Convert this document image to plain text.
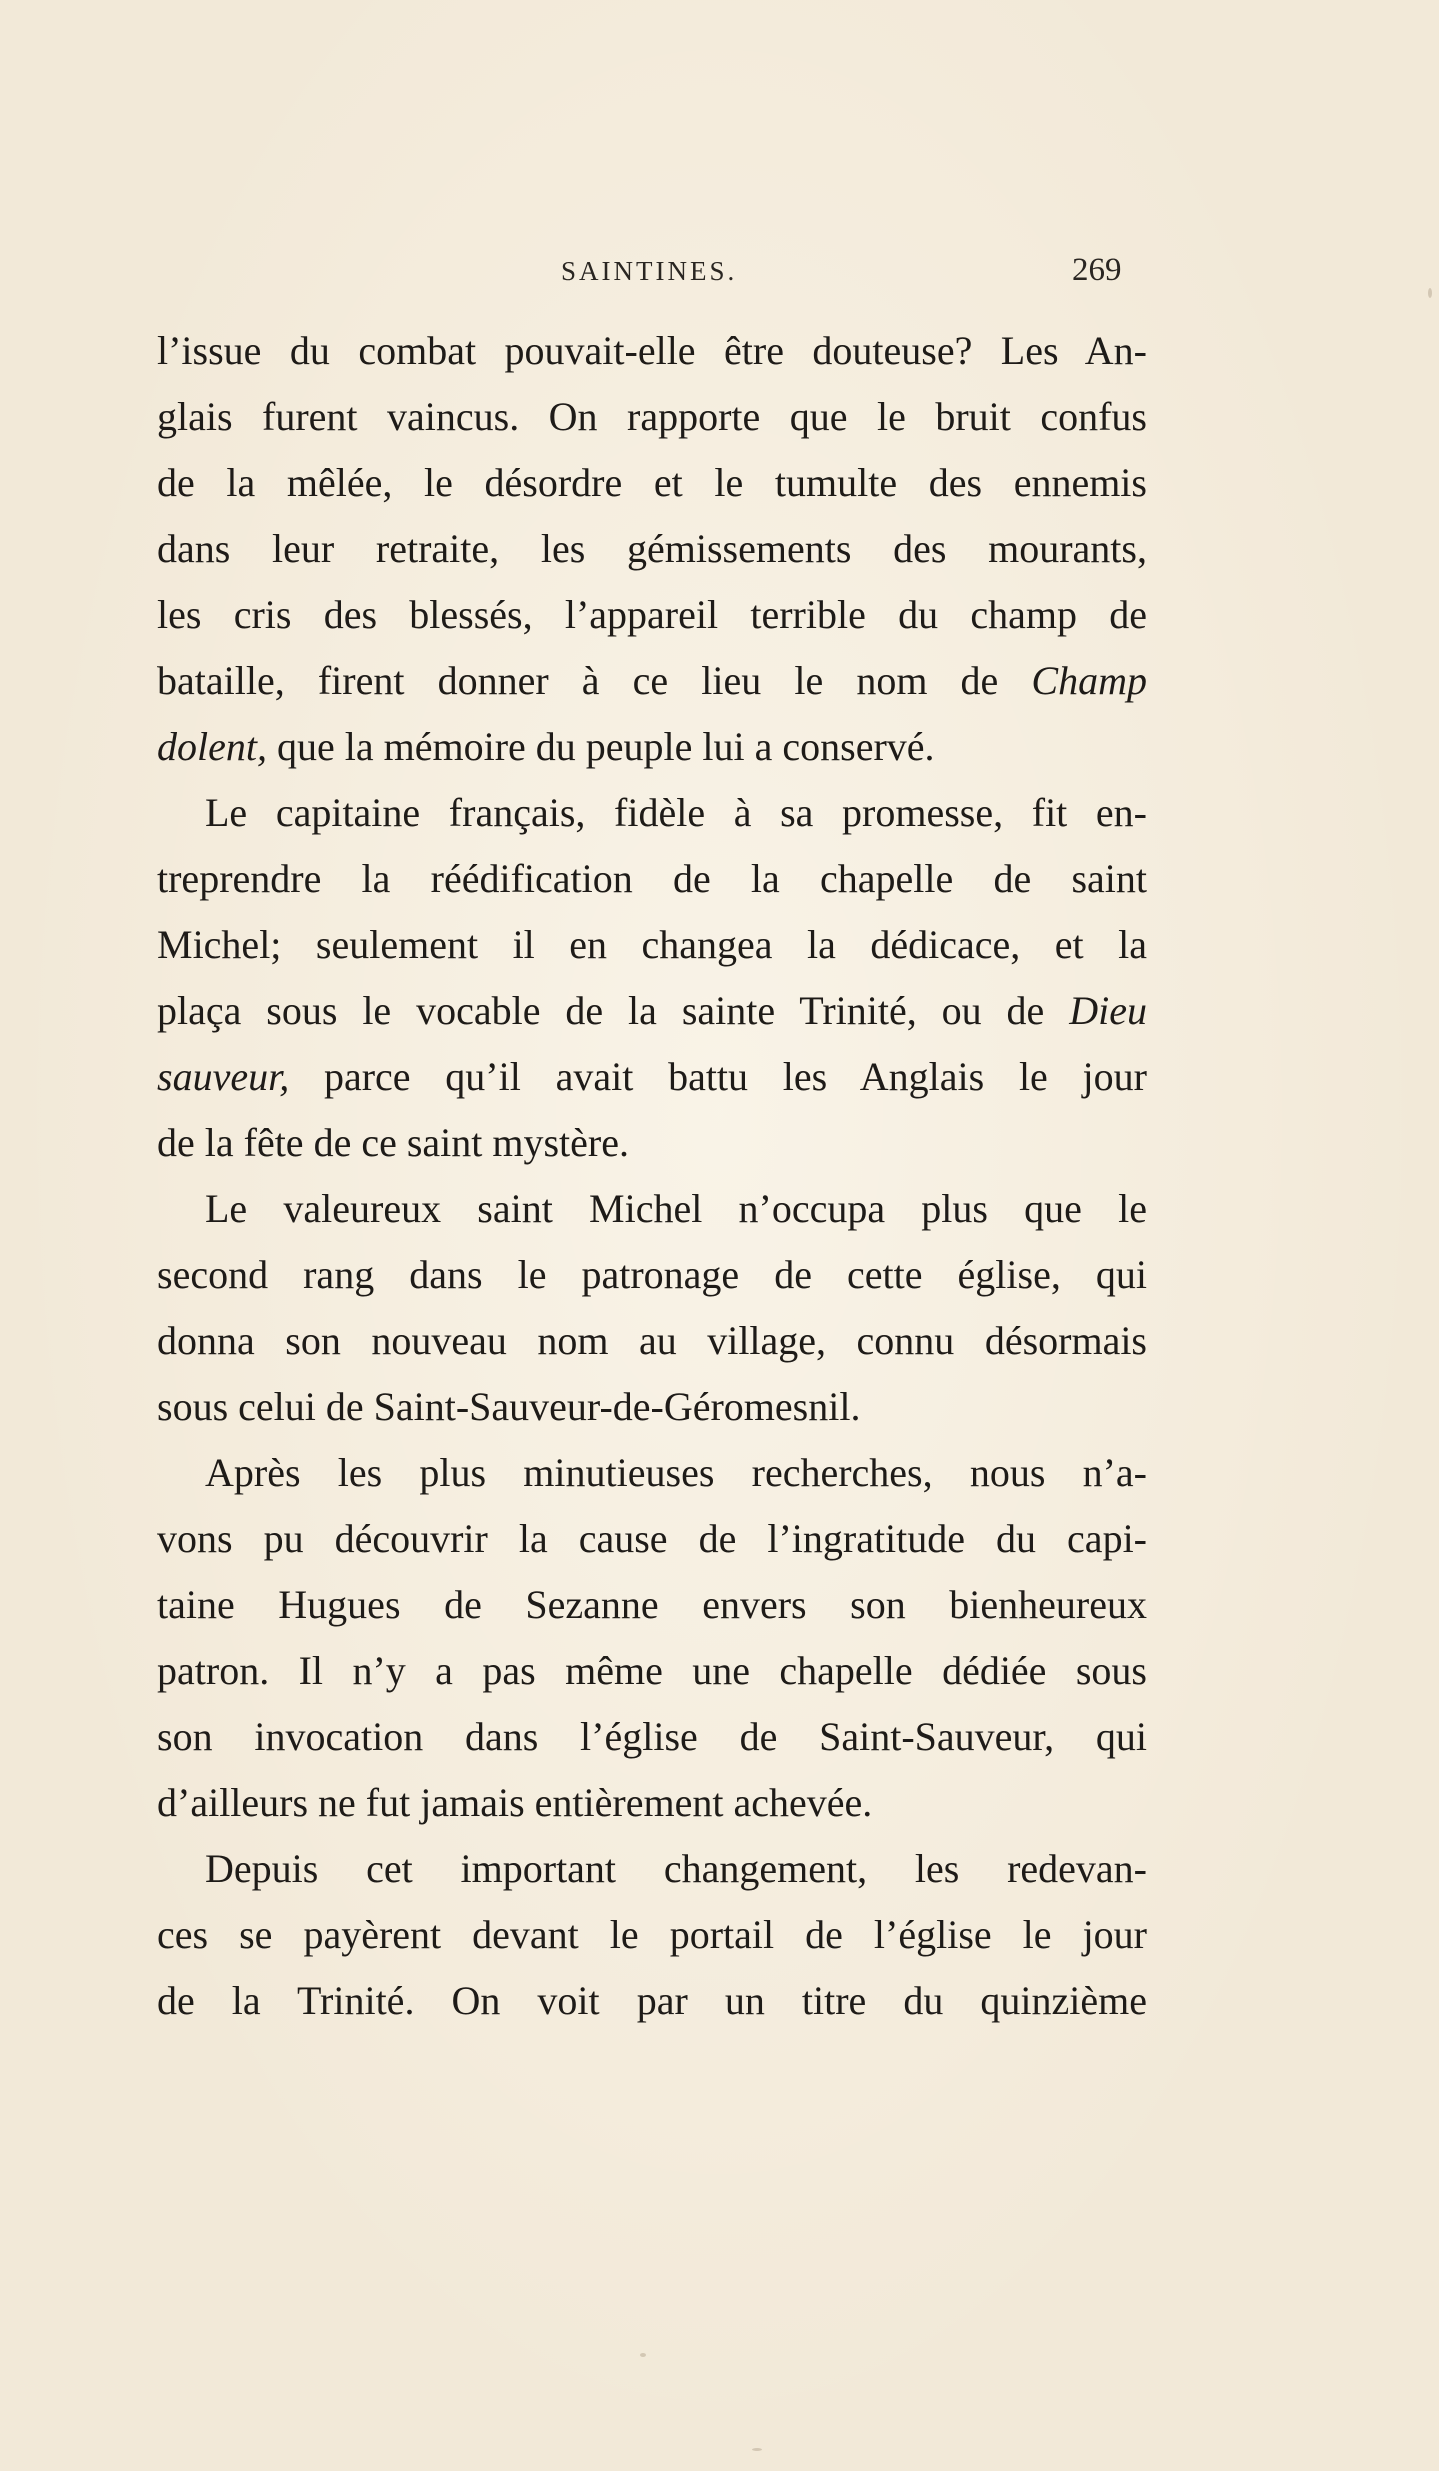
SAINTINES.	269
l’issue du combat pouvait-elle être douteuse? Les An-
glais furent vaincus. On rapporte que le bruit confus
de la mêlée, le désordre et le tumulte des ennemis
dans leur retraite, les gémissements des mourants,
les cris des blessés, l’appareil terrible du champ de
bataille, firent donner à ce lieu le nom de Champ
dolent, que la mémoire du peuple lui a conservé.
Le capitaine français, fidèle à sa promesse, fit en-
treprendre la réédification de la chapelle de saint
Michel; seulement il en changea la dédicace, et la
plaça sous le vocable de la sainte Trinité, ou de Dieu
sauveur, parce qu’il avait battu les Anglais le jour
de la fête de ce saint mystère.
Le valeureux saint Michel n’occupa plus que le
second rang dans le patronage de cette église, qui
donna son nouveau nom au village, connu désormais
sous celui de Saint-Sauveur-de-Géromesnil.
Après les plus minutieuses recherches, nous n’a-
vons pu découvrir la cause de l’ingratitude du capi-
taine Hugues de Sezanne envers son bienheureux
patron. Il n’y a pas même une chapelle dédiée sous
son invocation dans l’église de Saint-Sauveur, qui
d’ailleurs ne fut jamais entièrement achevée.
Depuis cet important changement, les redevan-
ces se payèrent devant le portail de l’église le jour
de la Trinité. On voit par un titre du quinzième
